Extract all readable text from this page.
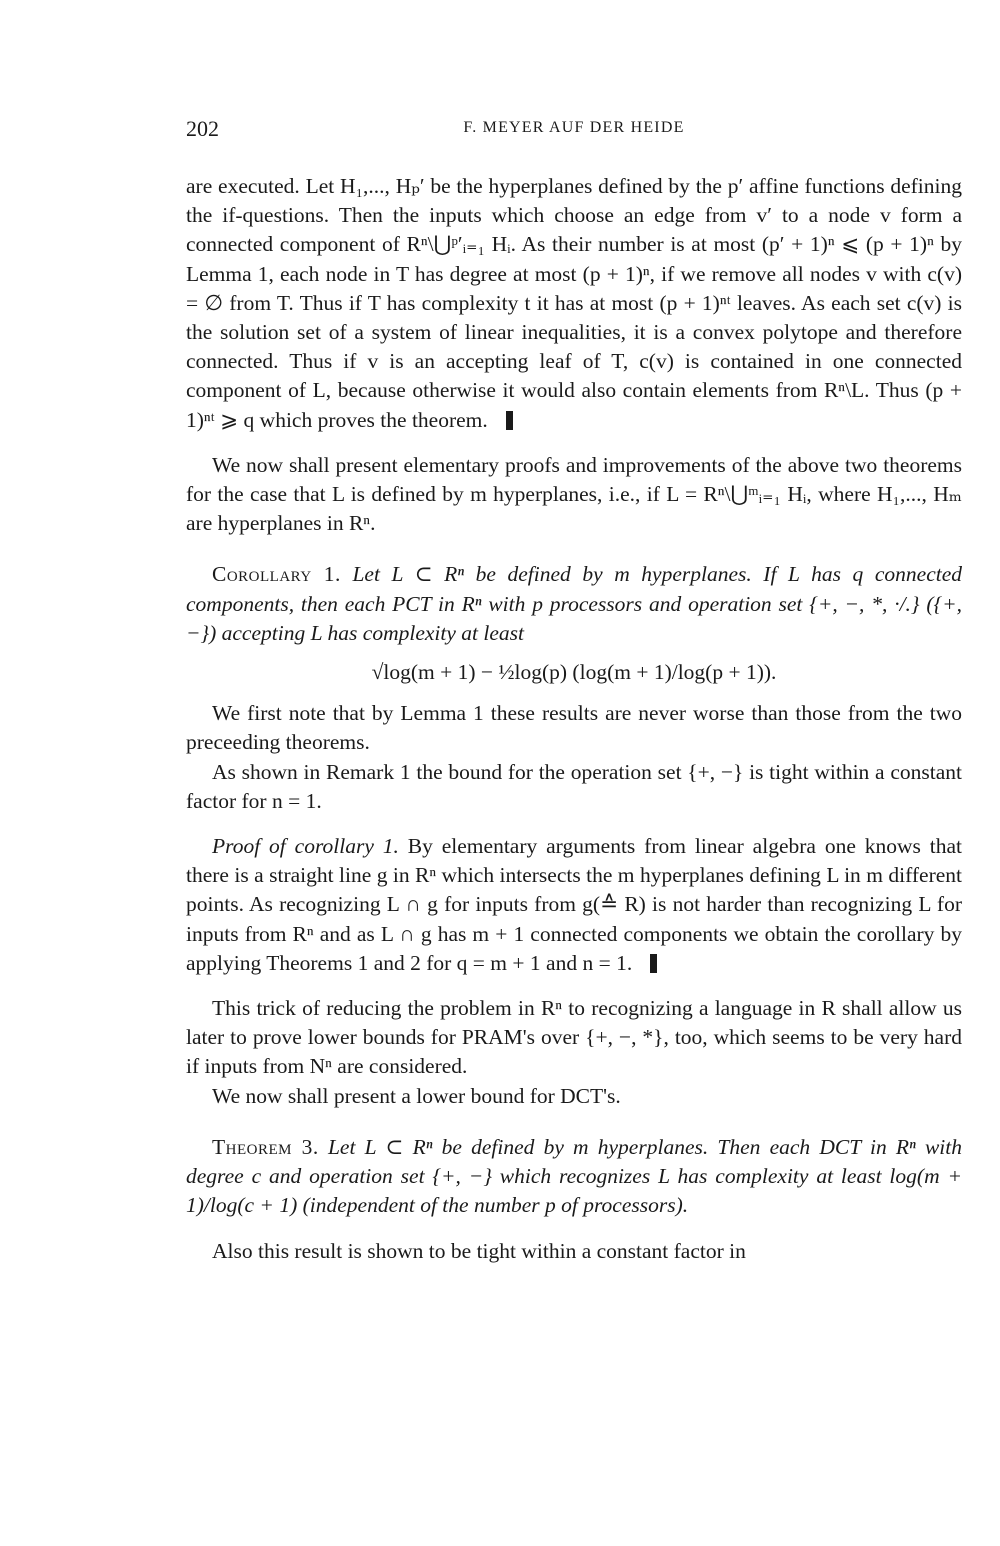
202	F. MEYER AUF DER HEIDE

are executed. Let H₁,..., Hₚ′ be the hyperplanes defined by the p′ affine functions defining the if-questions. Then the inputs which choose an edge from v′ to a node v form a connected component of Rⁿ\⋃ᵖ′ᵢ₌₁ Hᵢ. As their number is at most (p′ + 1)ⁿ ⩽ (p + 1)ⁿ by Lemma 1, each node in T has degree at most (p + 1)ⁿ, if we remove all nodes v with c(v) = ∅ from T. Thus if T has complexity t it has at most (p + 1)ⁿᵗ leaves. As each set c(v) is the solution set of a system of linear inequalities, it is a convex polytope and therefore connected. Thus if v is an accepting leaf of T, c(v) is contained in one connected component of L, because otherwise it would also contain elements from Rⁿ\L. Thus (p + 1)ⁿᵗ ⩾ q which proves the theorem.

We now shall present elementary proofs and improvements of the above two theorems for the case that L is defined by m hyperplanes, i.e., if L = Rⁿ\⋃ᵐᵢ₌₁ Hᵢ, where H₁,..., Hₘ are hyperplanes in Rⁿ.

Corollary 1. Let L ⊂ Rⁿ be defined by m hyperplanes. If L has q connected components, then each PCT in Rⁿ with p processors and operation set {+, −, *, ·/.} ({+, −}) accepting L has complexity at least

√log(m + 1) − ½log(p) (log(m + 1)/log(p + 1)).

We first note that by Lemma 1 these results are never worse than those from the two preceeding theorems.

As shown in Remark 1 the bound for the operation set {+, −} is tight within a constant factor for n = 1.

Proof of corollary 1. By elementary arguments from linear algebra one knows that there is a straight line g in Rⁿ which intersects the m hyperplanes defining L in m different points. As recognizing L ∩ g for inputs from g(≙ R) is not harder than recognizing L for inputs from Rⁿ and as L ∩ g has m + 1 connected components we obtain the corollary by applying Theorems 1 and 2 for q = m + 1 and n = 1.

This trick of reducing the problem in Rⁿ to recognizing a language in R shall allow us later to prove lower bounds for PRAM's over {+, −, *}, too, which seems to be very hard if inputs from Nⁿ are considered.

We now shall present a lower bound for DCT's.

Theorem 3. Let L ⊂ Rⁿ be defined by m hyperplanes. Then each DCT in Rⁿ with degree c and operation set {+, −} which recognizes L has complexity at least log(m + 1)/log(c + 1) (independent of the number p of processors).

Also this result is shown to be tight within a constant factor in
